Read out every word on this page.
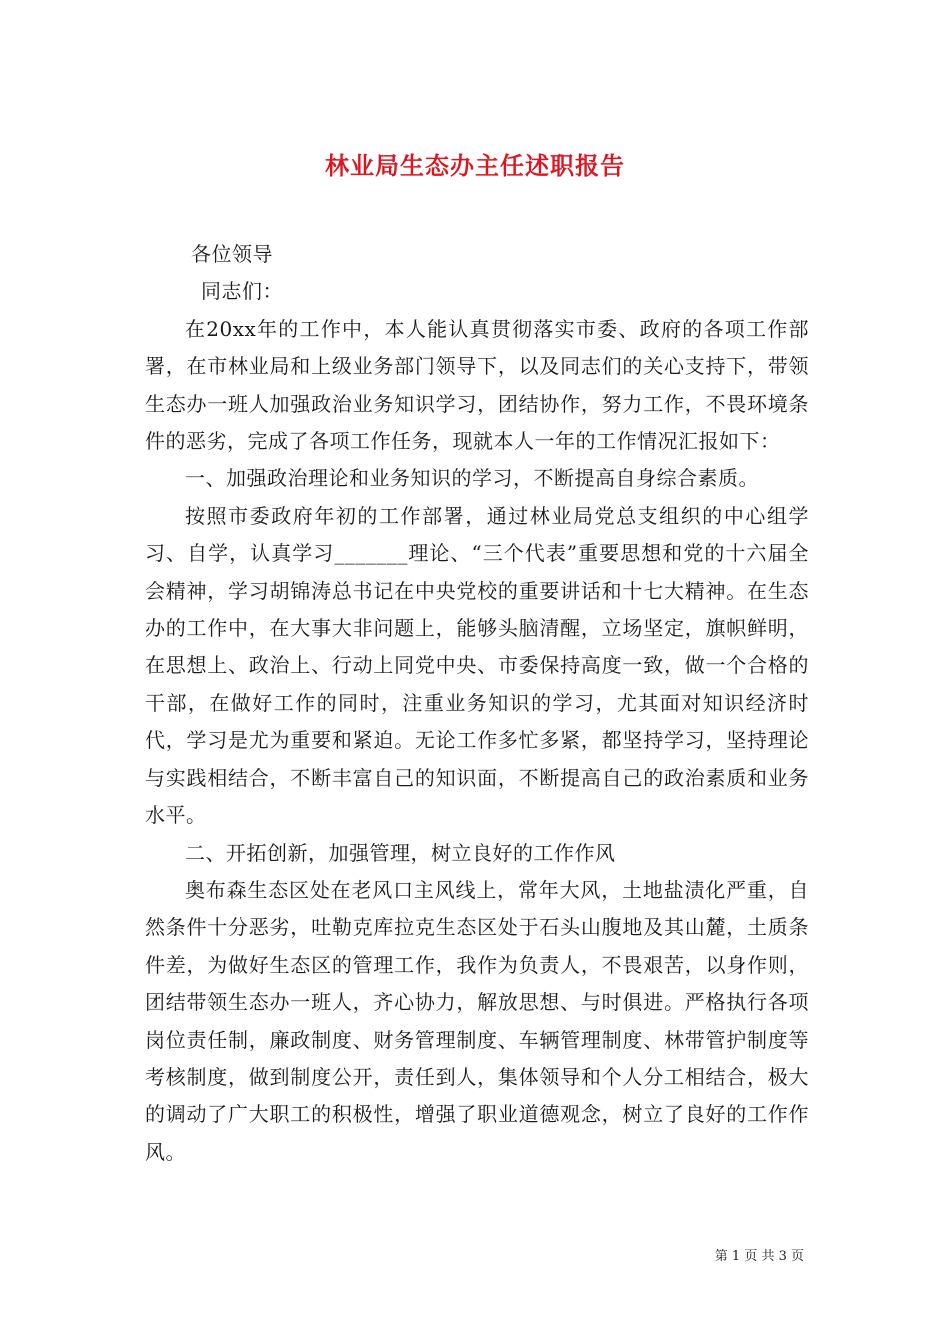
林业局生态办主任述职报告

各位领导

同志们：

在20xx年的工作中，本人能认真贯彻落实市委、政府的各项工作部署，在市林业局和上级业务部门领导下，以及同志们的关心支持下，带领生态办一班人加强政治业务知识学习，团结协作，努力工作，不畏环境条件的恶劣，完成了各项工作任务，现就本人一年的工作情况汇报如下：

一、加强政治理论和业务知识的学习，不断提高自身综合素质。

按照市委政府年初的工作部署，通过林业局党总支组织的中心组学习、自学，认真学习_______理论、“三个代表”重要思想和党的十六届全会精神，学习胡锦涛总书记在中央党校的重要讲话和十七大精神。在生态办的工作中，在大事大非问题上，能够头脑清醒，立场坚定，旗帜鲜明，在思想上、政治上、行动上同党中央、市委保持高度一致，做一个合格的干部，在做好工作的同时，注重业务知识的学习，尤其面对知识经济时代，学习是尤为重要和紧迫。无论工作多忙多紧，都坚持学习，坚持理论与实践相结合，不断丰富自己的知识面，不断提高自己的政治素质和业务水平。

二、开拓创新，加强管理，树立良好的工作作风

奥布森生态区处在老风口主风线上，常年大风，土地盐渍化严重，自然条件十分恶劣，吐勒克库拉克生态区处于石头山腹地及其山麓，土质条件差，为做好生态区的管理工作，我作为负责人，不畏艰苦，以身作则，团结带领生态办一班人，齐心协力，解放思想、与时俱进。严格执行各项岗位责任制，廉政制度、财务管理制度、车辆管理制度、林带管护制度等考核制度，做到制度公开，责任到人，集体领导和个人分工相结合，极大的调动了广大职工的积极性，增强了职业道德观念，树立了良好的工作作风。

第 1 页 共 3 页
